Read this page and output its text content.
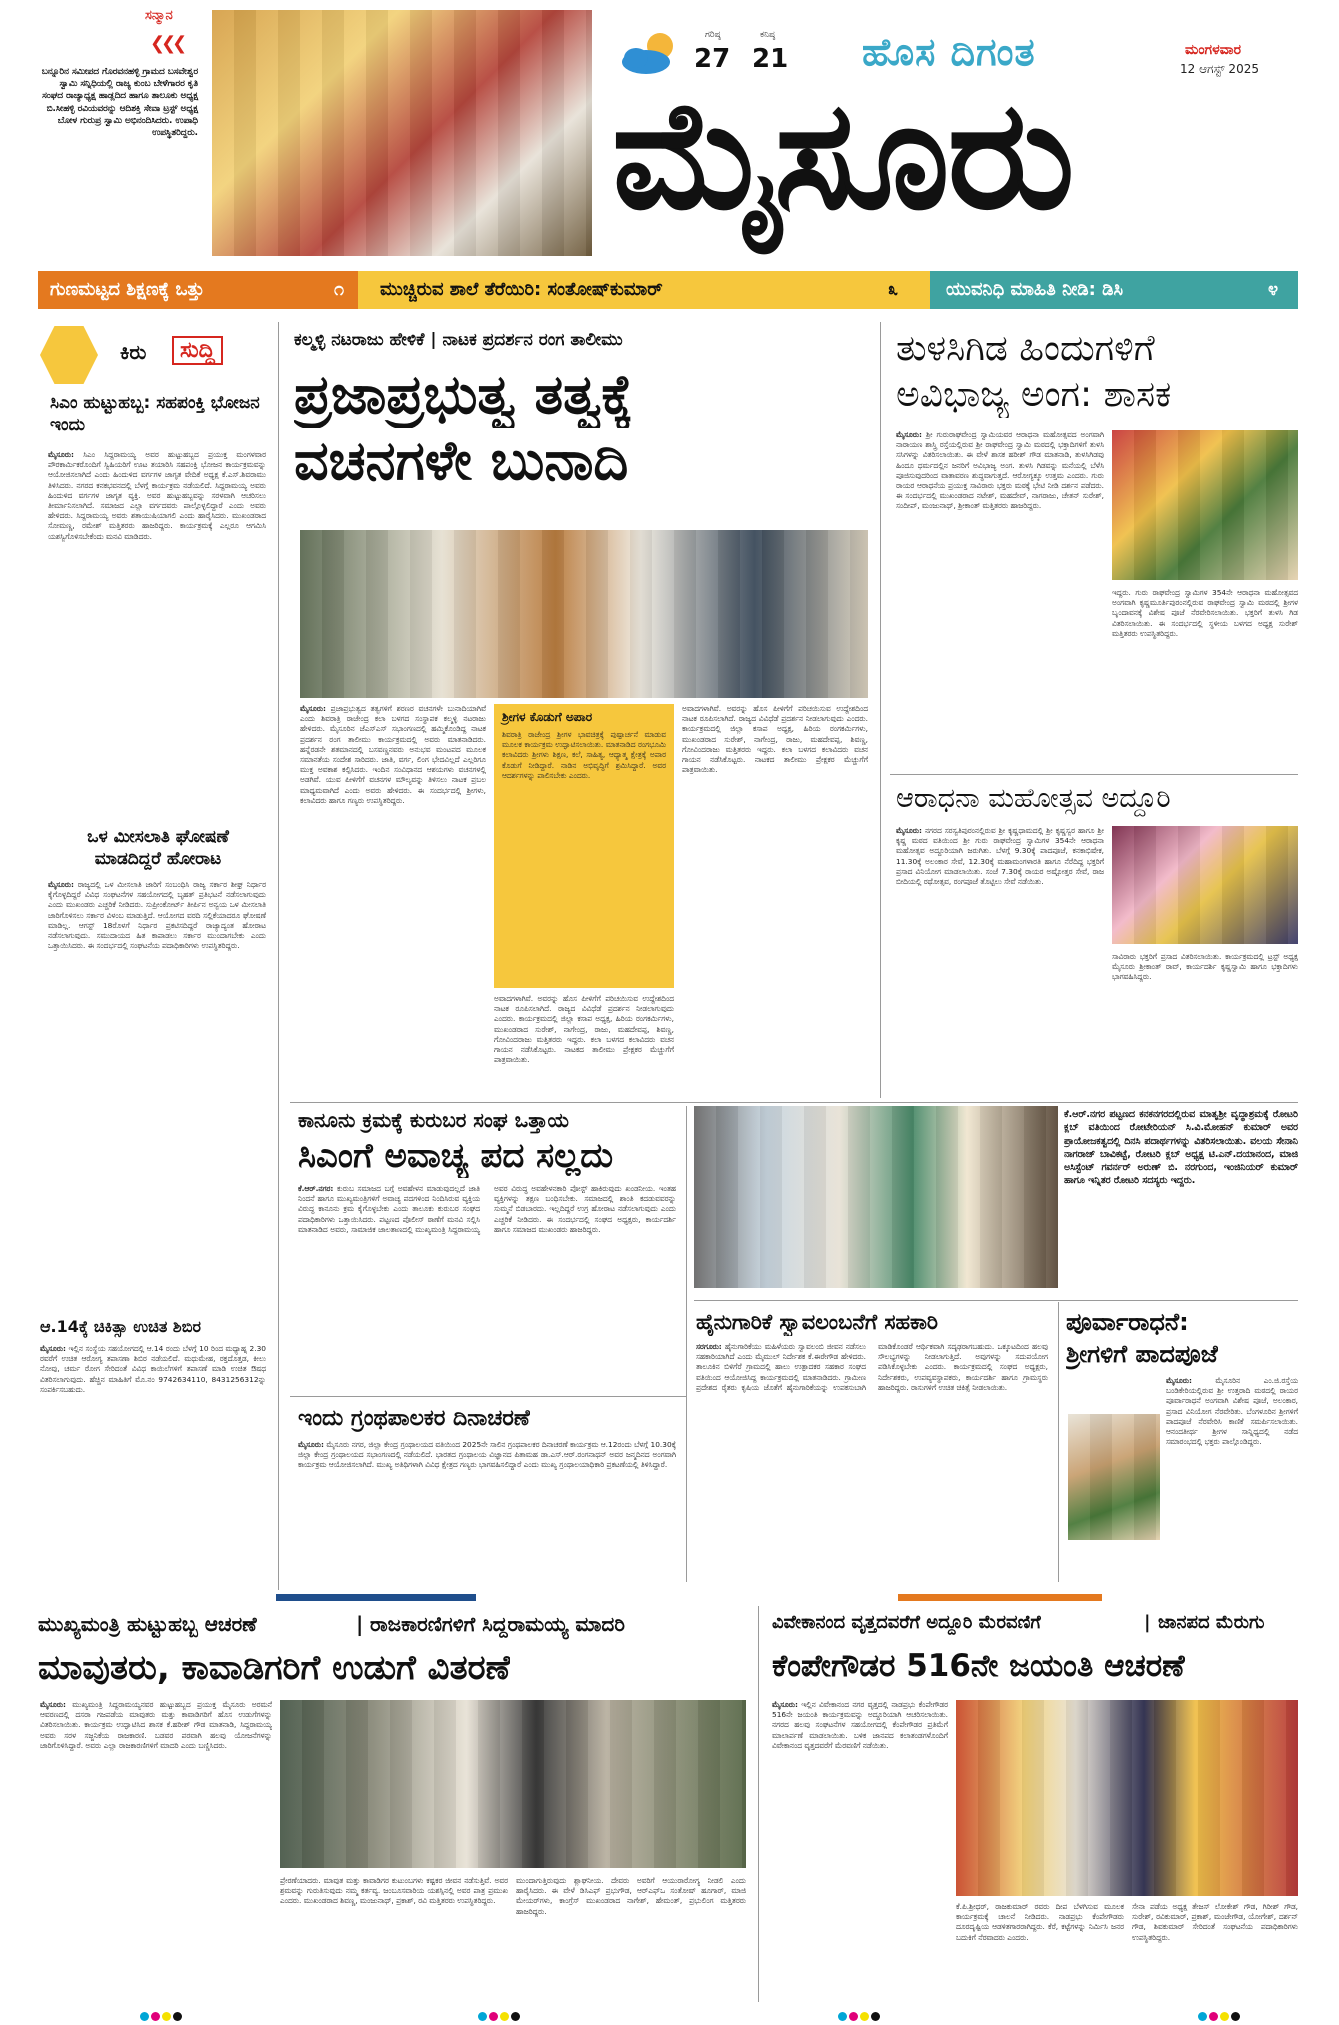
ಸನ್ಮಾನ
❮❮❮
ಬನ್ನೂರಿನ ಸಮೀಪದ ಗೊರವನಹಳ್ಳಿ ಗ್ರಾಮದ ಬಸವೇಶ್ವರ ಸ್ವಾಮಿ ಸನ್ನಿಧಿಯಲ್ಲಿ ರಾಜ್ಯ ಕುಂಬ ಬೇಳೆಗಾರರ ಕೃತಿ ಸಂಘದ ರಾಜ್ಯಾಧ್ಯಕ್ಷ ಹಾಡ್ಲದಿದ ಹಾಗೂ ತಾಲೂಕು ಅಧ್ಯಕ್ಷ ಬಿ.ಸೀಹಳ್ಳಿ ರವಿಯವರನ್ನು ಆದಿಶಕ್ತಿ ಸೇವಾ ಟ್ರಸ್ಟ್ ಅಧ್ಯಕ್ಷ ಬೋಳ ಗುರುಪ್ರ ಸ್ವಾಮಿ ಅಭಿನಂದಿಸಿದರು. ಉಪಾಧಿ ಉಪಸ್ಥಿತರಿದ್ದರು.
ಗರಿಷ್ಠ
27
ಕನಿಷ್ಠ
21 ಹೊಸ ದಿಗಂತ	ಮಂಗಳವಾರ
12 ಆಗಸ್ಟ್ 2025
ಮೈಸೂರು
ಗುಣಮಟ್ಟದ ಶಿಕ್ಷಣಕ್ಕೆ ಒತ್ತು	೧ ಮುಚ್ಚಿರುವ ಶಾಲೆ ತೆರೆಯಿರಿ: ಸಂತೋಷ್‌ಕುಮಾರ್	೩	ಯುವನಿಧಿ ಮಾಹಿತಿ ನೀಡಿ: ಡಿಸಿ	೪
ಕಿರು	ಸುದ್ದಿ
ಸಿಎಂ ಹುಟ್ಟುಹಬ್ಬ: ಸಹಪಂಕ್ತಿ ಭೋಜನ ಇಂದು
ಮೈಸೂರು: ಸಿಎಂ ಸಿದ್ದರಾಮಯ್ಯ ಅವರ ಹುಟ್ಟುಹಬ್ಬದ ಪ್ರಯುಕ್ತ ಮಂಗಳವಾರ ಪೌರಕಾರ್ಮಿಕರೊಂದಿಗೆ ಸ್ವಿಹಿಯರಿಗೆ ಊಟ ತಯಾರಿಸಿ ಸಹಪಂಕ್ತಿ ಭೋಜನ ಕಾರ್ಯಕ್ರಮವನ್ನು ಆಯೋಜಿಸಲಾಗಿದೆ ಎಂದು ಹಿಂದುಳಿದ ವರ್ಗಗಳ ಜಾಗೃತ ವೇದಿಕೆ ಅಧ್ಯಕ್ಷ ಕೆ.ಎಸ್.ಶಿವರಾಮು ತಿಳಿಸಿದರು. ನಗರದ ಕನಕಭವನದಲ್ಲಿ ಬೆಳಗ್ಗೆ ಕಾರ್ಯಕ್ರಮ ನಡೆಯಲಿದೆ. ಸಿದ್ದರಾಮಯ್ಯ ಅವರು ಹಿಂದುಳಿದ ವರ್ಗಗಳ ಜಾಗೃತ ವ್ಯಕ್ತಿ. ಅವರ ಹುಟ್ಟುಹಬ್ಬವನ್ನು ಸರಳವಾಗಿ ಆಚರಿಸಲು ತೀರ್ಮಾನಿಸಲಾಗಿದೆ. ಸಮಾಜದ ಎಲ್ಲಾ ವರ್ಗದವರು ಪಾಲ್ಗೊಳ್ಳಲಿದ್ದಾರೆ ಎಂದು ಅವರು ಹೇಳಿದರು. ಸಿದ್ದರಾಮಯ್ಯ ಅವರು ಶತಾಯುಷಿಯಾಗಲಿ ಎಂದು ಹಾರೈಸಿದರು. ಮುಖಂಡರಾದ ಸೋಮಣ್ಣ, ರಮೇಶ್ ಮತ್ತಿತರರು ಹಾಜರಿದ್ದರು. ಕಾರ್ಯಕ್ರಮಕ್ಕೆ ಎಲ್ಲರೂ ಆಗಮಿಸಿ ಯಶಸ್ವಿಗೊಳಿಸಬೇಕೆಂದು ಮನವಿ ಮಾಡಿದರು.
ಒಳ ಮೀಸಲಾತಿ ಘೋಷಣೆ ಮಾಡದಿದ್ದರೆ ಹೋರಾಟ
ಮೈಸೂರು: ರಾಜ್ಯದಲ್ಲಿ ಒಳ ಮೀಸಲಾತಿ ಜಾರಿಗೆ ಸಂಬಂಧಿಸಿ ರಾಜ್ಯ ಸರ್ಕಾರ ಶೀಘ್ರ ನಿರ್ಧಾರ ಕೈಗೊಳ್ಳದಿದ್ದರೆ ವಿವಿಧ ಸಂಘಟನೆಗಳ ಸಹಯೋಗದಲ್ಲಿ ಬೃಹತ್ ಪ್ರತಿಭಟನೆ ನಡೆಸಲಾಗುವುದು ಎಂದು ಮುಖಂಡರು ಎಚ್ಚರಿಕೆ ನೀಡಿದರು. ಸುಪ್ರೀಂಕೋರ್ಟ್ ತೀರ್ಪಿನ ಅನ್ವಯ ಒಳ ಮೀಸಲಾತಿ ಜಾರಿಗೊಳಿಸಲು ಸರ್ಕಾರ ವಿಳಂಬ ಮಾಡುತ್ತಿದೆ. ಆಯೋಗದ ವರದಿ ಸಲ್ಲಿಕೆಯಾದರೂ ಘೋಷಣೆ ಮಾಡಿಲ್ಲ. ಆಗಸ್ಟ್ 18ರೊಳಗೆ ನಿರ್ಧಾರ ಪ್ರಕಟಿಸದಿದ್ದರೆ ರಾಜ್ಯಾದ್ಯಂತ ಹೋರಾಟ ನಡೆಸಲಾಗುವುದು. ಸಮುದಾಯದ ಹಿತ ಕಾಪಾಡಲು ಸರ್ಕಾರ ಮುಂದಾಗಬೇಕು ಎಂದು ಒತ್ತಾಯಿಸಿದರು. ಈ ಸಂದರ್ಭದಲ್ಲಿ ಸಂಘಟನೆಯ ಪದಾಧಿಕಾರಿಗಳು ಉಪಸ್ಥಿತರಿದ್ದರು.
ಆ.14ಕ್ಕೆ ಚಿಕಿತ್ಸಾ ಉಚಿತ ಶಿಬಿರ
ಮೈಸೂರು: ಇಲ್ಲಿನ ಸಂಸ್ಥೆಯ ಸಹಯೋಗದಲ್ಲಿ ಆ.14 ರಂದು ಬೆಳಗ್ಗೆ 10 ರಿಂದ ಮಧ್ಯಾಹ್ನ 2.30 ರವರೆಗೆ ಉಚಿತ ಆರೋಗ್ಯ ತಪಾಸಣಾ ಶಿಬಿರ ನಡೆಯಲಿದೆ. ಮಧುಮೇಹ, ರಕ್ತದೊತ್ತಡ, ಕೀಲು ನೋವು, ಚರ್ಮ ರೋಗ ಸೇರಿದಂತೆ ವಿವಿಧ ಕಾಯಿಲೆಗಳಿಗೆ ತಪಾಸಣೆ ಮಾಡಿ ಉಚಿತ ಔಷಧ ವಿತರಿಸಲಾಗುವುದು. ಹೆಚ್ಚಿನ ಮಾಹಿತಿಗೆ ಮೊ.ನಂ 9742634110, 8431256312ನ್ನು ಸಂಪರ್ಕಿಸಬಹುದು.
ಕಲ್ಮಳ್ಳಿ ನಟರಾಜು ಹೇಳಿಕೆ | ನಾಟಕ ಪ್ರದರ್ಶನ ರಂಗ ತಾಲೀಮು
ಪ್ರಜಾಪ್ರಭುತ್ವ ತತ್ವಕ್ಕೆ
ವಚನಗಳೇ ಬುನಾದಿ
ಮೈಸೂರು: ಪ್ರಜಾಪ್ರಭುತ್ವದ ತತ್ವಗಳಿಗೆ ಶರಣರ ವಚನಗಳೇ ಬುನಾದಿಯಾಗಿವೆ ಎಂದು ಶಿವರಾತ್ರಿ ರಾಜೇಂದ್ರ ಕಲಾ ಬಳಗದ ಸಂಸ್ಥಾಪಕ ಕಲ್ಮಳ್ಳಿ ನಟರಾಜು ಹೇಳಿದರು. ಮೈಸೂರಿನ ಜೆಎಸ್‌ಎಸ್ ಸಭಾಂಗಣದಲ್ಲಿ ಹಮ್ಮಿಕೊಂಡಿದ್ದ ನಾಟಕ ಪ್ರದರ್ಶನ ರಂಗ ತಾಲೀಮು ಕಾರ್ಯಕ್ರಮದಲ್ಲಿ ಅವರು ಮಾತನಾಡಿದರು. ಹನ್ನೆರಡನೇ ಶತಮಾನದಲ್ಲಿ ಬಸವಣ್ಣನವರು ಅನುಭವ ಮಂಟಪದ ಮೂಲಕ ಸಮಾನತೆಯ ಸಂದೇಶ ಸಾರಿದರು. ಜಾತಿ, ವರ್ಗ, ಲಿಂಗ ಭೇದವಿಲ್ಲದೆ ಎಲ್ಲರಿಗೂ ಮುಕ್ತ ಅವಕಾಶ ಕಲ್ಪಿಸಿದರು. ಇಂದಿನ ಸಂವಿಧಾನದ ಆಶಯಗಳು ವಚನಗಳಲ್ಲಿ ಅಡಗಿವೆ. ಯುವ ಪೀಳಿಗೆಗೆ ವಚನಗಳ ಮೌಲ್ಯವನ್ನು ತಿಳಿಸಲು ನಾಟಕ ಪ್ರಬಲ ಮಾಧ್ಯಮವಾಗಿದೆ ಎಂದು ಅವರು ಹೇಳಿದರು. ಈ ಸಂದರ್ಭದಲ್ಲಿ ಶ್ರೀಗಳು, ಕಲಾವಿದರು ಹಾಗೂ ಗಣ್ಯರು ಉಪಸ್ಥಿತರಿದ್ದರು.
ಶ್ರೀಗಳ ಕೊಡುಗೆ ಅಪಾರ
ಶಿವರಾತ್ರಿ ರಾಜೇಂದ್ರ ಶ್ರೀಗಳ ಭಾವಚಿತ್ರಕ್ಕೆ ಪುಷ್ಪಾರ್ಚನೆ ಮಾಡುವ ಮೂಲಕ ಕಾರ್ಯಕ್ರಮ ಉದ್ಘಾಟಿಸಲಾಯಿತು. ಮಾತನಾಡಿದ ರಂಗಭೂಮಿ ಕಲಾವಿದರು ಶ್ರೀಗಳು ಶಿಕ್ಷಣ, ಕಲೆ, ಸಾಹಿತ್ಯ, ಆಧ್ಯಾತ್ಮ ಕ್ಷೇತ್ರಕ್ಕೆ ಅಪಾರ ಕೊಡುಗೆ ನೀಡಿದ್ದಾರೆ. ನಾಡಿನ ಅಭಿವೃದ್ಧಿಗೆ ಶ್ರಮಿಸಿದ್ದಾರೆ. ಅವರ ಆದರ್ಶಗಳನ್ನು ಪಾಲಿಸಬೇಕು ಎಂದರು.
ಅವಾದಗಳಾಗಿವೆ. ಅವರನ್ನು ಹೊಸ ಪೀಳಿಗೆಗೆ ಪರಿಚಯಿಸುವ ಉದ್ದೇಶದಿಂದ ನಾಟಕ ರೂಪಿಸಲಾಗಿದೆ. ರಾಜ್ಯದ ವಿವಿಧೆಡೆ ಪ್ರದರ್ಶನ ನೀಡಲಾಗುವುದು ಎಂದರು. ಕಾರ್ಯಕ್ರಮದಲ್ಲಿ ಜಿಲ್ಲಾ ಕಸಾಪ ಅಧ್ಯಕ್ಷ, ಹಿರಿಯ ರಂಗಕರ್ಮಿಗಳು, ಮುಖಂಡರಾದ ಸುರೇಶ್, ನಾಗೇಂದ್ರ, ರಾಜು, ಮಹದೇವಪ್ಪ, ಶಿವಣ್ಣ, ಗೋವಿಂದರಾಜು ಮತ್ತಿತರರು ಇದ್ದರು. ಕಲಾ ಬಳಗದ ಕಲಾವಿದರು ವಚನ ಗಾಯನ ನಡೆಸಿಕೊಟ್ಟರು. ನಾಟಕದ ತಾಲೀಮು ಪ್ರೇಕ್ಷಕರ ಮೆಚ್ಚುಗೆಗೆ ಪಾತ್ರವಾಯಿತು.
ಅವಾದಗಳಾಗಿವೆ. ಅವರನ್ನು ಹೊಸ ಪೀಳಿಗೆಗೆ ಪರಿಚಯಿಸುವ ಉದ್ದೇಶದಿಂದ ನಾಟಕ ರೂಪಿಸಲಾಗಿದೆ. ರಾಜ್ಯದ ವಿವಿಧೆಡೆ ಪ್ರದರ್ಶನ ನೀಡಲಾಗುವುದು ಎಂದರು. ಕಾರ್ಯಕ್ರಮದಲ್ಲಿ ಜಿಲ್ಲಾ ಕಸಾಪ ಅಧ್ಯಕ್ಷ, ಹಿರಿಯ ರಂಗಕರ್ಮಿಗಳು, ಮುಖಂಡರಾದ ಸುರೇಶ್, ನಾಗೇಂದ್ರ, ರಾಜು, ಮಹದೇವಪ್ಪ, ಶಿವಣ್ಣ, ಗೋವಿಂದರಾಜು ಮತ್ತಿತರರು ಇದ್ದರು. ಕಲಾ ಬಳಗದ ಕಲಾವಿದರು ವಚನ ಗಾಯನ ನಡೆಸಿಕೊಟ್ಟರು. ನಾಟಕದ ತಾಲೀಮು ಪ್ರೇಕ್ಷಕರ ಮೆಚ್ಚುಗೆಗೆ ಪಾತ್ರವಾಯಿತು.
ತುಳಸಿಗಿಡ ಹಿಂದುಗಳಿಗೆ
ಅವಿಭಾಜ್ಯ ಅಂಗ: ಶಾಸಕ
ಮೈಸೂರು: ಶ್ರೀ ಗುರುರಾಘವೇಂದ್ರ ಸ್ವಾಮಿಯವರ ಆರಾಧನಾ ಮಹೋತ್ಸವದ ಅಂಗವಾಗಿ ನಾರಾಯಣ ಶಾಸ್ತ್ರಿ ರಸ್ತೆಯಲ್ಲಿರುವ ಶ್ರೀ ರಾಘವೇಂದ್ರ ಸ್ವಾಮಿ ಮಠದಲ್ಲಿ ಭಕ್ತಾದಿಗಳಿಗೆ ತುಳಸಿ ಸಸಿಗಳನ್ನು ವಿತರಿಸಲಾಯಿತು. ಈ ವೇಳೆ ಶಾಸಕ ಹರೀಶ್ ಗೌಡ ಮಾತನಾಡಿ, ತುಳಸಿಗಿಡವು ಹಿಂದೂ ಧರ್ಮದಲ್ಲಿನ ಜನರಿಗೆ ಅವಿಭಾಜ್ಯ ಅಂಗ. ತುಳಸಿ ಗಿಡವನ್ನು ಮನೆಯಲ್ಲಿ ಬೆಳೆಸಿ ಪೂಜಿಸುವುದರಿಂದ ವಾತಾವರಣ ಶುದ್ಧವಾಗುತ್ತದೆ. ಆರೋಗ್ಯಕ್ಕೂ ಉತ್ತಮ ಎಂದರು. ಗುರು ರಾಯರ ಆರಾಧನೆಯ ಪ್ರಯುಕ್ತ ಸಾವಿರಾರು ಭಕ್ತರು ಮಠಕ್ಕೆ ಭೇಟಿ ನೀಡಿ ದರ್ಶನ ಪಡೆದರು. ಈ ಸಂದರ್ಭದಲ್ಲಿ ಮುಖಂಡರಾದ ನಟೇಶ್, ಮಹದೇವ್, ನಾಗರಾಜು, ಚೇತನ್ ಸುರೇಶ್, ಸಂದೀಪ್, ಮಂಜುನಾಥ್, ಶ್ರೀಕಾಂತ್ ಮತ್ತಿತರರು ಹಾಜರಿದ್ದರು.
ಇದ್ದರು. ಗುರು ರಾಘವೇಂದ್ರ ಸ್ವಾಮಿಗಳ 354ನೇ ಆರಾಧನಾ ಮಹೋತ್ಸವದ ಅಂಗವಾಗಿ ಕೃಷ್ಣಮೂರ್ತಿಪುರಂನಲ್ಲಿರುವ ರಾಘವೇಂದ್ರ ಸ್ವಾಮಿ ಮಠದಲ್ಲಿ ಶ್ರೀಗಳ ಬೃಂದಾವನಕ್ಕೆ ವಿಶೇಷ ಪೂಜೆ ನೆರವೇರಿಸಲಾಯಿತು. ಭಕ್ತರಿಗೆ ತುಳಸಿ ಗಿಡ ವಿತರಿಸಲಾಯಿತು. ಈ ಸಂದರ್ಭದಲ್ಲಿ ಸ್ಥಳೀಯ ಬಳಗದ ಅಧ್ಯಕ್ಷ ಸುರೇಶ್ ಮತ್ತಿತರರು ಉಪಸ್ಥಿತರಿದ್ದರು.
ಆರಾಧನಾ ಮಹೋತ್ಸವ ಅದ್ದೂರಿ
ಮೈಸೂರು: ನಗರದ ಸರಸ್ವತಿಪುರಂನಲ್ಲಿರುವ ಶ್ರೀ ಕೃಷ್ಣಧಾಮದಲ್ಲಿ ಶ್ರೀ ಕೃಷ್ಣಸ್ವರ ಹಾಗೂ ಶ್ರೀ ಕೃಷ್ಣ ಮಠದ ವತಿಯಿಂದ ಶ್ರೀ ಗುರು ರಾಘವೇಂದ್ರ ಸ್ವಾಮಿಗಳ 354ನೇ ಆರಾಧನಾ ಮಹೋತ್ಸವ ಅದ್ದೂರಿಯಾಗಿ ಜರುಗಿತು. ಬೆಳಗ್ಗೆ 9.30ಕ್ಕೆ ಪಾದಪೂಜೆ, ಕನಕಾಭಿಷೇಕ, 11.30ಕ್ಕೆ ಅಲಂಕಾರ ಸೇವೆ, 12.30ಕ್ಕೆ ಮಹಾಮಂಗಳಾರತಿ ಹಾಗೂ ನೆರೆದಿದ್ದ ಭಕ್ತರಿಗೆ ಪ್ರಸಾದ ವಿನಿಯೋಗ ಮಾಡಲಾಯಿತು. ಸಂಜೆ 7.30ಕ್ಕೆ ರಾಯರ ಅಷ್ಟೋತ್ತರ ಸೇವೆ, ರಾಜ ಬೀದಿಯಲ್ಲಿ ರಥೋತ್ಸವ, ರಂಗಪೂಜೆ ತೊಟ್ಟಿಲು ಸೇವೆ ನಡೆಯಿತು.
ಸಾವಿರಾರು ಭಕ್ತರಿಗೆ ಪ್ರಸಾದ ವಿತರಿಸಲಾಯಿತು. ಕಾರ್ಯಕ್ರಮದಲ್ಲಿ ಟ್ರಸ್ಟ್ ಅಧ್ಯಕ್ಷ ಮೈಸೂರು ಶ್ರೀಕಾಂತ್ ರಾವ್, ಕಾರ್ಯದರ್ಶಿ ಕೃಷ್ಣಸ್ವಾಮಿ ಹಾಗೂ ಭಕ್ತಾದಿಗಳು ಭಾಗವಹಿಸಿದ್ದರು.
ಕಾನೂನು ಕ್ರಮಕ್ಕೆ ಕುರುಬರ ಸಂಘ ಒತ್ತಾಯ
ಸಿಎಂಗೆ ಅವಾಚ್ಯ ಪದ ಸಲ್ಲದು
ಕೆ.ಆರ್.ನಗರ: ಕುರುಬ ಸಮಾಜದ ಬಗ್ಗೆ ಅವಹೇಳನ ಮಾಡುವುದಲ್ಲದೆ ಜಾತಿ ನಿಂದನೆ ಹಾಗೂ ಮುಖ್ಯಮಂತ್ರಿಗಳಿಗೆ ಅವಾಚ್ಯ ಪದಗಳಿಂದ ನಿಂದಿಸಿರುವ ವ್ಯಕ್ತಿಯ ವಿರುದ್ಧ ಕಾನೂನು ಕ್ರಮ ಕೈಗೊಳ್ಳಬೇಕು ಎಂದು ತಾಲೂಕು ಕುರುಬರ ಸಂಘದ ಪದಾಧಿಕಾರಿಗಳು ಒತ್ತಾಯಿಸಿದರು. ಪಟ್ಟಣದ ಪೊಲೀಸ್ ಠಾಣೆಗೆ ಮನವಿ ಸಲ್ಲಿಸಿ ಮಾತನಾಡಿದ ಅವರು, ಸಾಮಾಜಿಕ ಜಾಲತಾಣದಲ್ಲಿ ಮುಖ್ಯಮಂತ್ರಿ ಸಿದ್ದರಾಮಯ್ಯ ಅವರ ವಿರುದ್ಧ ಅವಹೇಳನಕಾರಿ ಪೋಸ್ಟ್ ಹಾಕಿರುವುದು ಖಂಡನೀಯ. ಇಂತಹ ವ್ಯಕ್ತಿಗಳನ್ನು ತಕ್ಷಣ ಬಂಧಿಸಬೇಕು. ಸಮಾಜದಲ್ಲಿ ಶಾಂತಿ ಕದಡುವವರನ್ನು ಸುಮ್ಮನೆ ಬಿಡಬಾರದು. ಇಲ್ಲದಿದ್ದರೆ ಉಗ್ರ ಹೋರಾಟ ನಡೆಸಲಾಗುವುದು ಎಂದು ಎಚ್ಚರಿಕೆ ನೀಡಿದರು. ಈ ಸಂದರ್ಭದಲ್ಲಿ ಸಂಘದ ಅಧ್ಯಕ್ಷರು, ಕಾರ್ಯದರ್ಶಿ ಹಾಗೂ ಸಮಾಜದ ಮುಖಂಡರು ಹಾಜರಿದ್ದರು.
ಕೆ.ಆರ್.ನಗರ ಪಟ್ಟಣದ ಕನಕನಗರದಲ್ಲಿರುವ ಮಾತೃಶ್ರೀ ವೃದ್ಧಾಶ್ರಮಕ್ಕೆ ರೋಟರಿ ಕ್ಲಬ್ ವತಿಯಿಂದ ರೋಟೇರಿಯನ್ ಸಿ.ವಿ.ಮೋಹನ್ ಕುಮಾರ್ ಅವರ ಪ್ರಾಯೋಜಕತ್ವದಲ್ಲಿ ದಿನಸಿ ಪದಾರ್ಥಗಳನ್ನು ವಿತರಿಸಲಾಯಿತು. ವಲಯ ಸೇನಾನಿ ನಾಗರಾಜ್ ಬಾವಿಕಟ್ಟೆ, ರೋಟರಿ ಕ್ಲಬ್ ಅಧ್ಯಕ್ಷ ಟಿ.ಎನ್.ದಯಾನಂದ, ಮಾಜಿ ಅಸಿಸ್ಟೆಂಟ್ ಗವರ್ನರ್ ಅರುಣ್ ಬಿ. ನರಗುಂದ, ಇಂಜಿನಿಯರ್ ಕುಮಾರ್ ಹಾಗೂ ಇನ್ನಿತರ ರೋಟರಿ ಸದಸ್ಯರು ಇದ್ದರು.
ಇಂದು ಗ್ರಂಥಪಾಲಕರ ದಿನಾಚರಣೆ
ಮೈಸೂರು: ಮೈಸೂರು ನಗರ, ಜಿಲ್ಲಾ ಕೇಂದ್ರ ಗ್ರಂಥಾಲಯದ ವತಿಯಿಂದ 2025ನೇ ಸಾಲಿನ ಗ್ರಂಥಪಾಲಕರ ದಿನಾಚರಣೆ ಕಾರ್ಯಕ್ರಮ ಆ.12ರಂದು ಬೆಳಗ್ಗೆ 10.30ಕ್ಕೆ ಜಿಲ್ಲಾ ಕೇಂದ್ರ ಗ್ರಂಥಾಲಯದ ಸಭಾಂಗಣದಲ್ಲಿ ನಡೆಯಲಿದೆ. ಭಾರತದ ಗ್ರಂಥಾಲಯ ವಿಜ್ಞಾನದ ಪಿತಾಮಹ ಡಾ.ಎಸ್.ಆರ್.ರಂಗನಾಥನ್ ಅವರ ಜನ್ಮದಿನದ ಅಂಗವಾಗಿ ಕಾರ್ಯಕ್ರಮ ಆಯೋಜಿಸಲಾಗಿದೆ. ಮುಖ್ಯ ಅತಿಥಿಗಳಾಗಿ ವಿವಿಧ ಕ್ಷೇತ್ರದ ಗಣ್ಯರು ಭಾಗವಹಿಸಲಿದ್ದಾರೆ ಎಂದು ಮುಖ್ಯ ಗ್ರಂಥಾಲಯಾಧಿಕಾರಿ ಪ್ರಕಟಣೆಯಲ್ಲಿ ತಿಳಿಸಿದ್ದಾರೆ.
ಹೈನುಗಾರಿಕೆ ಸ್ವಾವಲಂಬನೆಗೆ ಸಹಕಾರಿ
ಸರಗೂರು: ಹೈನುಗಾರಿಕೆಯು ಮಹಿಳೆಯರು ಸ್ವಾವಲಂಬಿ ಜೀವನ ನಡೆಸಲು ಸಹಕಾರಿಯಾಗಿದೆ ಎಂದು ಮೈಮುಲ್ ನಿರ್ದೇಶಕ ಕೆ.ಈರೇಗೌಡ ಹೇಳಿದರು. ತಾಲೂಕಿನ ಬಿಳಿಗೆರೆ ಗ್ರಾಮದಲ್ಲಿ ಹಾಲು ಉತ್ಪಾದಕರ ಸಹಕಾರ ಸಂಘದ ವತಿಯಿಂದ ಆಯೋಜಿಸಿದ್ದ ಕಾರ್ಯಕ್ರಮದಲ್ಲಿ ಮಾತನಾಡಿದರು. ಗ್ರಾಮೀಣ ಪ್ರದೇಶದ ರೈತರು ಕೃಷಿಯ ಜೊತೆಗೆ ಹೈನುಗಾರಿಕೆಯನ್ನು ಉಪಕಸುಬಾಗಿ ಮಾಡಿಕೊಂಡರೆ ಆರ್ಥಿಕವಾಗಿ ಸದೃಢರಾಗಬಹುದು. ಒಕ್ಕೂಟದಿಂದ ಹಲವು ಸೌಲಭ್ಯಗಳನ್ನು ನೀಡಲಾಗುತ್ತಿದೆ. ಅವುಗಳನ್ನು ಸದುಪಯೋಗ ಪಡಿಸಿಕೊಳ್ಳಬೇಕು ಎಂದರು. ಕಾರ್ಯಕ್ರಮದಲ್ಲಿ ಸಂಘದ ಅಧ್ಯಕ್ಷರು, ನಿರ್ದೇಶಕರು, ಉಪವ್ಯವಸ್ಥಾಪಕರು, ಕಾರ್ಯದರ್ಶಿ ಹಾಗೂ ಗ್ರಾಮಸ್ಥರು ಹಾಜರಿದ್ದರು. ರಾಸುಗಳಿಗೆ ಉಚಿತ ಚಿಕಿತ್ಸೆ ನೀಡಲಾಯಿತು.
ಪೂರ್ವಾರಾಧನೆ:
ಶ್ರೀಗಳಿಗೆ ಪಾದಪೂಜೆ
ಮೈಸೂರು:	ಮೈಸೂರಿನ ಎಂ.ಜಿ.ರಸ್ತೆಯ ಬಂಡಿಕೇರಿಯಲ್ಲಿರುವ ಶ್ರೀ ಉತ್ತರಾದಿ ಮಠದಲ್ಲಿ ರಾಯರ ಪೂರ್ವಾರಾಧನೆ ಅಂಗವಾಗಿ ವಿಶೇಷ ಪೂಜೆ, ಅಲಂಕಾರ, ಪ್ರಸಾದ ವಿನಿಯೋಗ ನೆರವೇರಿತು. ಬೆಂಗಳೂರಿನ ಶ್ರೀಗಳಿಗೆ ಪಾದಪೂಜೆ ನೆರವೇರಿಸಿ ಕಾಣಿಕೆ ಸಮರ್ಪಿಸಲಾಯಿತು. ಆನಂದತೀರ್ಥ ಶ್ರೀಗಳ ಸಾನ್ನಿಧ್ಯದಲ್ಲಿ ನಡೆದ ಸಮಾರಂಭದಲ್ಲಿ ಭಕ್ತರು ಪಾಲ್ಗೊಂಡಿದ್ದರು.
ಮುಖ್ಯಮಂತ್ರಿ ಹುಟ್ಟುಹಬ್ಬ ಆಚರಣೆ	| ರಾಜಕಾರಣಿಗಳಿಗೆ ಸಿದ್ದರಾಮಯ್ಯ ಮಾದರಿ
ಮಾವುತರು, ಕಾವಾಡಿಗರಿಗೆ ಉಡುಗೆ ವಿತರಣೆ
ಮೈಸೂರು: ಮುಖ್ಯಮಂತ್ರಿ ಸಿದ್ದರಾಮಯ್ಯನವರ ಹುಟ್ಟುಹಬ್ಬದ ಪ್ರಯುಕ್ತ ಮೈಸೂರು ಅರಮನೆ ಆವರಣದಲ್ಲಿ ದಸರಾ ಗಜಪಡೆಯ ಮಾವುತರು ಮತ್ತು ಕಾವಾಡಿಗರಿಗೆ ಹೊಸ ಉಡುಗೆಗಳನ್ನು ವಿತರಿಸಲಾಯಿತು. ಕಾರ್ಯಕ್ರಮ ಉದ್ಘಾಟಿಸಿದ ಶಾಸಕ ಕೆ.ಹರೀಶ್ ಗೌಡ ಮಾತನಾಡಿ, ಸಿದ್ದರಾಮಯ್ಯ ಅವರು ಸರಳ ಸಜ್ಜನಿಕೆಯ ರಾಜಕಾರಣಿ. ಬಡವರ ಪರವಾಗಿ ಹಲವು ಯೋಜನೆಗಳನ್ನು ಜಾರಿಗೊಳಿಸಿದ್ದಾರೆ. ಅವರು ಎಲ್ಲಾ ರಾಜಕಾರಣಿಗಳಿಗೆ ಮಾದರಿ ಎಂದು ಬಣ್ಣಿಸಿದರು.
ಪ್ರೇರಣೆಯಾದರು. ಮಾವುತ ಮತ್ತು ಕಾವಾಡಿಗರ ಕುಟುಂಬಗಳು ಕಷ್ಟಕರ ಜೀವನ ನಡೆಸುತ್ತಿವೆ. ಅವರ ಶ್ರಮವನ್ನು ಗುರುತಿಸುವುದು ನಮ್ಮ ಕರ್ತವ್ಯ. ಜಂಬೂಸವಾರಿಯ ಯಶಸ್ಸಿನಲ್ಲಿ ಅವರ ಪಾತ್ರ ಪ್ರಮುಖ ಎಂದರು. ಮುಖಂಡರಾದ ಶಿವಣ್ಣ, ಮಂಜುನಾಥ್, ಪ್ರಕಾಶ್, ರವಿ ಮತ್ತಿತರರು ಉಪಸ್ಥಿತರಿದ್ದರು.
ಮುಂದಾಗುತ್ತಿರುವುದು ಶ್ಲಾಘನೀಯ. ದೇವರು ಅವರಿಗೆ ಆಯುರಾರೋಗ್ಯ ನೀಡಲಿ ಎಂದು ಹಾರೈಸಿದರು. ಈ ವೇಳೆ ಡಿಸಿಎಫ್ ಪ್ರಭುಗೌಡ, ಆರ್‌ಎಫ್‌ಒ ಸಂತೋಷ್ ಹೂಗಾರ್, ಮಾಜಿ ಮೇಯರ್‌ಗಳು, ಕಾಂಗ್ರೆಸ್ ಮುಖಂಡರಾದ ನಾಗೇಶ್, ಹೇಮಂತ್, ಪ್ರಭುಲಿಂಗ ಮತ್ತಿತರರು ಹಾಜರಿದ್ದರು.
ವಿವೇಕಾನಂದ ವೃತ್ತದವರೆಗೆ ಅದ್ದೂರಿ ಮೆರವಣಿಗೆ	| ಜಾನಪದ ಮೆರುಗು
ಕೆಂಪೇಗೌಡರ 516ನೇ ಜಯಂತಿ ಆಚರಣೆ
ಮೈಸೂರು: ಇಲ್ಲಿನ ವಿವೇಕಾನಂದ ನಗರ ವೃತ್ತದಲ್ಲಿ ನಾಡಪ್ರಭು ಕೆಂಪೇಗೌಡರ 516ನೇ ಜಯಂತಿ ಕಾರ್ಯಕ್ರಮವನ್ನು ಅದ್ದೂರಿಯಾಗಿ ಆಚರಿಸಲಾಯಿತು. ನಗರದ ಹಲವು ಸಂಘಟನೆಗಳ ಸಹಯೋಗದಲ್ಲಿ ಕೆಂಪೇಗೌಡರ ಪ್ರತಿಮೆಗೆ ಮಾಲಾರ್ಪಣೆ ಮಾಡಲಾಯಿತು. ಬಳಿಕ ಜಾನಪದ ಕಲಾತಂಡಗಳೊಂದಿಗೆ ವಿವೇಕಾನಂದ ವೃತ್ತದವರೆಗೆ ಮೆರವಣಿಗೆ ನಡೆಯಿತು.
ಕೆ.ಪಿ.ಶ್ರೀಧರ್, ರಾಜಕುಮಾರ್ ರವರು ದೀಪ ಬೆಳಗಿಸುವ ಮೂಲಕ ಕಾರ್ಯಕ್ರಮಕ್ಕೆ ಚಾಲನೆ ನೀಡಿದರು. ನಾಡಪ್ರಭು ಕೆಂಪೇಗೌಡರು ದೂರದೃಷ್ಟಿಯ ಆಡಳಿತಗಾರರಾಗಿದ್ದರು. ಕೆರೆ, ಕಟ್ಟೆಗಳನ್ನು ನಿರ್ಮಿಸಿ ಜನರ ಬದುಕಿಗೆ ನೆರವಾದರು ಎಂದರು.
ಸೇನಾ ಪಡೆಯ ಅಧ್ಯಕ್ಷ ತೇಜಸ್ ಲೋಕೇಶ್ ಗೌಡ, ಗಿರೀಶ್ ಗೌಡ, ಸುರೇಶ್, ರವಿಕುಮಾರ್, ಪ್ರಕಾಶ್, ಮಂಜೇಗೌಡ, ಯೋಗೇಶ್, ದರ್ಶನ್ ಗೌಡ, ಶಿವಕುಮಾರ್ ಸೇರಿದಂತೆ ಸಂಘಟನೆಯ ಪದಾಧಿಕಾರಿಗಳು ಉಪಸ್ಥಿತರಿದ್ದರು.
